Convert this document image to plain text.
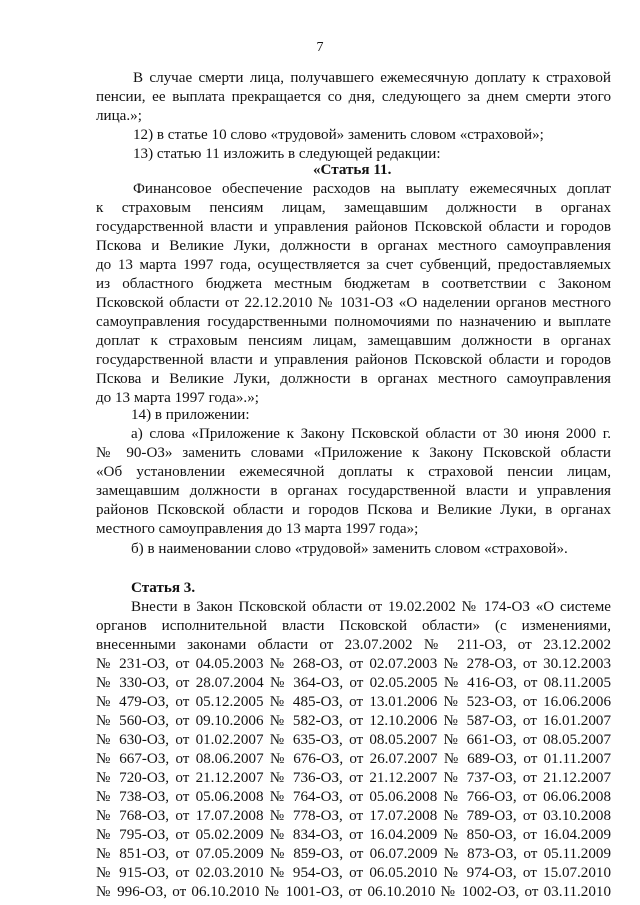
7
В случае смерти лица, получавшего ежемесячную доплату к страховой
пенсии, ее выплата прекращается со дня, следующего за днем смерти этого
лица.»;
12) в статье 10 слово «трудовой» заменить словом «страховой»;
13) статью 11 изложить в следующей редакции:
«Статья 11.
Финансовое обеспечение расходов на выплату ежемесячных доплат
к страховым пенсиям лицам, замещавшим должности в органах
государственной власти и управления районов Псковской области и городов
Пскова и Великие Луки, должности в органах местного самоуправления
до 13 марта 1997 года, осуществляется за счет субвенций, предоставляемых
из областного бюджета местным бюджетам в соответствии с Законом
Псковской области от 22.12.2010 № 1031-ОЗ «О наделении органов местного
самоуправления государственными полномочиями по назначению и выплате
доплат к страховым пенсиям лицам, замещавшим должности в органах
государственной власти и управления районов Псковской области и городов
Пскова и Великие Луки, должности в органах местного самоуправления
до 13 марта 1997 года».»;
14) в приложении:
а) слова «Приложение к Закону Псковской области от 30 июня 2000 г.
№ 90-ОЗ» заменить словами «Приложение к Закону Псковской области
«Об установлении ежемесячной доплаты к страховой пенсии лицам,
замещавшим должности в органах государственной власти и управления
районов Псковской области и городов Пскова и Великие Луки, в органах
местного самоуправления до 13 марта 1997 года»;
б) в наименовании слово «трудовой» заменить словом «страховой».
Статья 3.
Внести в Закон Псковской области от 19.02.2002 № 174-ОЗ «О системе
органов исполнительной власти Псковской области» (с изменениями,
внесенными законами области от 23.07.2002 № 211-ОЗ, от 23.12.2002
№ 231-ОЗ, от 04.05.2003 № 268-ОЗ, от 02.07.2003 № 278-ОЗ, от 30.12.2003
№ 330-ОЗ, от 28.07.2004 № 364-ОЗ, от 02.05.2005 № 416-ОЗ, от 08.11.2005
№ 479-ОЗ, от 05.12.2005 № 485-ОЗ, от 13.01.2006 № 523-ОЗ, от 16.06.2006
№ 560-ОЗ, от 09.10.2006 № 582-ОЗ, от 12.10.2006 № 587-ОЗ, от 16.01.2007
№ 630-ОЗ, от 01.02.2007 № 635-ОЗ, от 08.05.2007 № 661-ОЗ, от 08.05.2007
№ 667-ОЗ, от 08.06.2007 № 676-ОЗ, от 26.07.2007 № 689-ОЗ, от 01.11.2007
№ 720-ОЗ, от 21.12.2007 № 736-ОЗ, от 21.12.2007 № 737-ОЗ, от 21.12.2007
№ 738-ОЗ, от 05.06.2008 № 764-ОЗ, от 05.06.2008 № 766-ОЗ, от 06.06.2008
№ 768-ОЗ, от 17.07.2008 № 778-ОЗ, от 17.07.2008 № 789-ОЗ, от 03.10.2008
№ 795-ОЗ, от 05.02.2009 № 834-ОЗ, от 16.04.2009 № 850-ОЗ, от 16.04.2009
№ 851-ОЗ, от 07.05.2009 № 859-ОЗ, от 06.07.2009 № 873-ОЗ, от 05.11.2009
№ 915-ОЗ, от 02.03.2010 № 954-ОЗ, от 06.05.2010 № 974-ОЗ, от 15.07.2010
№ 996-ОЗ, от 06.10.2010 № 1001-ОЗ, от 06.10.2010 № 1002-ОЗ, от 03.11.2010
